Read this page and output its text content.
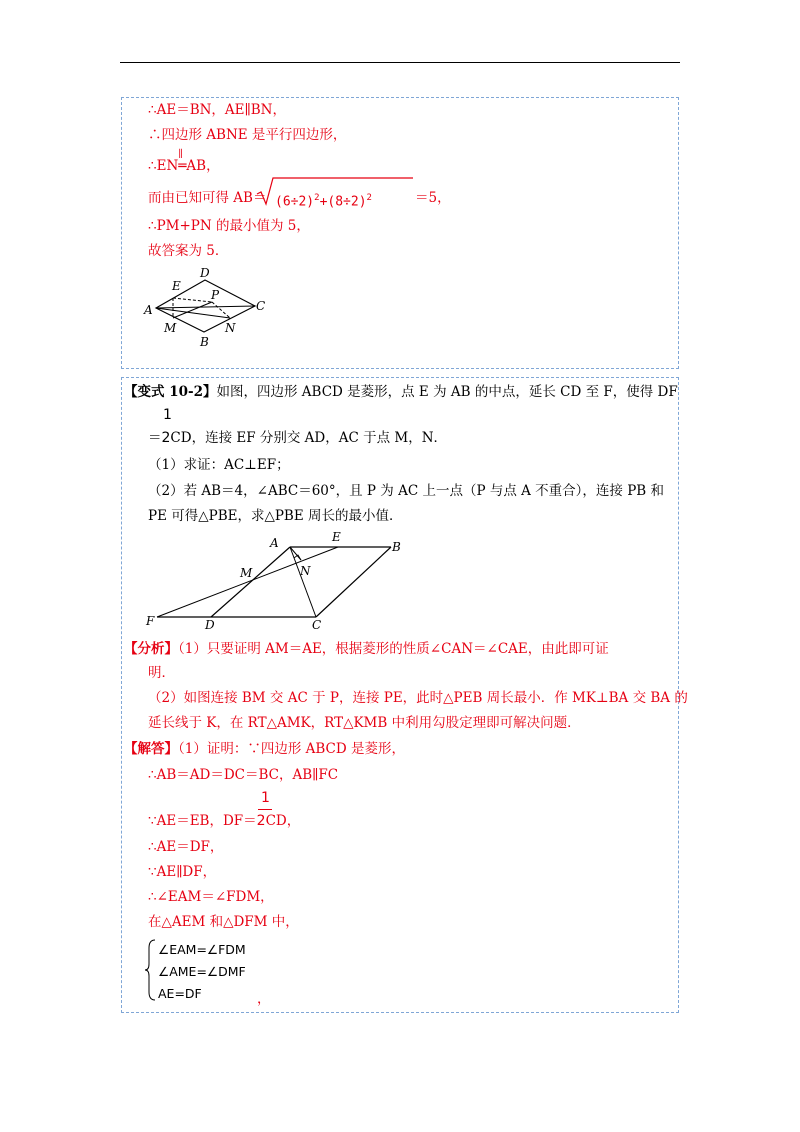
∴AE＝BN，AE∥BN，
∴四边形 ABNE 是平行四边形，
∴EN
∥
═AB，
而由已知可得 $AB= (6\div 2)^2+(8\div 2)^2$	＝5，
∴PM+PN 的最小值为 5，
故答案为 5．
D
E
P
A	C
M	N
B
【变式 10-2】如图，四边形 ABCD 是菱形，点 E 为 AB 的中点，延长 CD 至 F，使得 DF
1
＝2CD，连接 EF 分别交 AD，AC 于点 M，N．
（1）求证：AC⊥EF；
（2）若 AB＝4，∠ABC＝60°，且 P 为 AC 上一点（P 与点 A 不重合），连接 PB 和
PE 可得△PBE，求△PBE 周长的最小值．
A	E
B
M	N
F	D	C
【分析】（1）只要证明 AM＝AE，根据菱形的性质∠CAN＝∠CAE，由此即可证
明．
（2）如图连接 BM 交 AC 于 P，连接 PE，此时△PEB 周长最小．作 MK⊥BA 交 BA 的
延长线于 K，在 RT△AMK，RT△KMB 中利用勾股定理即可解决问题．
【解答】（1）证明：∵四边形 ABCD 是菱形，
∴AB＝AD＝DC＝BC，AB∥FC
1
∵AE＝EB，DF＝2CD，
∴AE＝DF，
∵AE∥DF，
∴∠EAM＝∠FDM，
在△AEM 和△DFM 中，
∠EAM=∠FDM
∠AME=∠DMF
AE=DF	，
